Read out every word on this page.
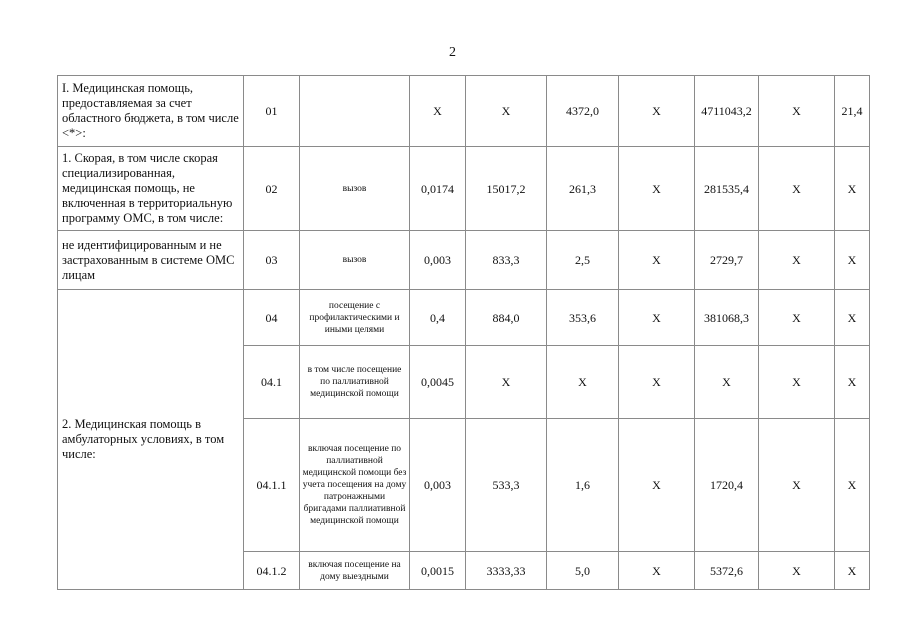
2
I. Медицинская помощь, предоставляемая за счет областного бюджета, в том числе <*>:	01		X	X	4372,0	X	4711043,2	X	21,4
1. Скорая, в том числе скорая специализированная, медицинская помощь, не включенная в территориальную программу ОМС, в том числе:	02	вызов	0,0174	15017,2	261,3	X	281535,4	X	X
не идентифицированным и не застрахованным в системе ОМС лицам	03	вызов	0,003	833,3	2,5	X	2729,7	X	X
2. Медицинская помощь в амбулаторных условиях, в том числе:	04	посещение с профилактическими и иными целями	0,4	884,0	353,6	X	381068,3	X	X
	04.1	в том числе посещение по паллиативной медицинской помощи	0,0045	X	X	X	X	X	X
	04.1.1	включая посещение по паллиативной медицинской помощи без учета посещения на дому патронажными бригадами паллиативной медицинской помощи	0,003	533,3	1,6	X	1720,4	X	X
	04.1.2	включая посещение на дому выездными	0,0015	3333,33	5,0	X	5372,6	X	X
